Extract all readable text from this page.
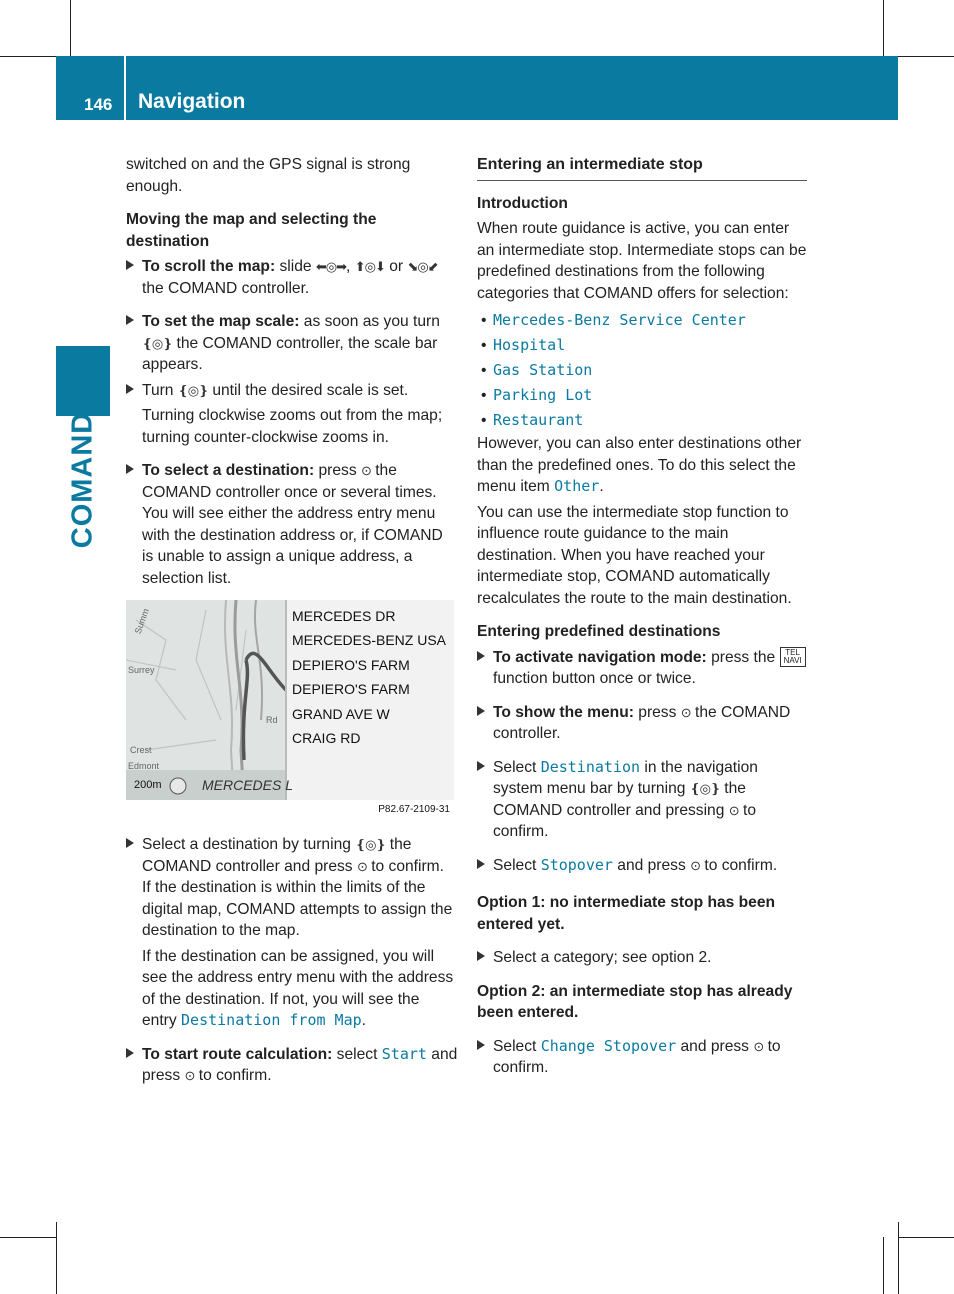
146 Navigation
COMAND

switched on and the GPS signal is strong enough.

Moving the map and selecting the destination

To scroll the map: slide ⬅◎➡, ⬆◎⬇ or ⬊◎⬋ the COMAND controller.
To set the map scale: as soon as you turn ❴◎❵ the COMAND controller, the scale bar appears.
Turn ❴◎❵ until the desired scale is set.

Turning clockwise zooms out from the map; turning counter-clockwise zooms in.

To select a destination: press ⊙ the COMAND controller once or several times. You will see either the address entry menu with the destination address or, if COMAND is unable to assign a unique address, a selection list.
Summ
Surrey
Crest
Edmont
Rd
MERCEDES DR
MERCEDES-BENZ USA
DEPIERO'S FARM
DEPIERO'S FARM
GRAND AVE W
CRAIG RD
200m	MERCEDES L
P82.67-2109-31
Select a destination by turning ❴◎❵ the COMAND controller and press ⊙ to confirm.

If the destination is within the limits of the digital map, COMAND attempts to assign the destination to the map.

If the destination can be assigned, you will see the address entry menu with the address of the destination. If not, you will see the entry Destination from Map.

To start route calculation: select Start and press ⊙ to confirm.

Entering an intermediate stop

Introduction

When route guidance is active, you can enter an intermediate stop. Intermediate stops can be predefined destinations from the following categories that COMAND offers for selection:

• Mercedes-Benz Service Center
• Hospital
• Gas Station
• Parking Lot
• Restaurant

However, you can also enter destinations other than the predefined ones. To do this select the menu item Other.

You can use the intermediate stop function to influence route guidance to the main destination. When you have reached your intermediate stop, COMAND automatically recalculates the route to the main destination.

Entering predefined destinations

To activate navigation mode: press the TEL
NAVI function button once or twice.
To show the menu: press ⊙ the COMAND controller.
Select Destination in the navigation system menu bar by turning ❴◎❵ the COMAND controller and pressing ⊙ to confirm.
Select Stopover and press ⊙ to confirm.

Option 1: no intermediate stop has been entered yet.

Select a category; see option 2.

Option 2: an intermediate stop has already been entered.

Select Change Stopover and press ⊙ to confirm.
